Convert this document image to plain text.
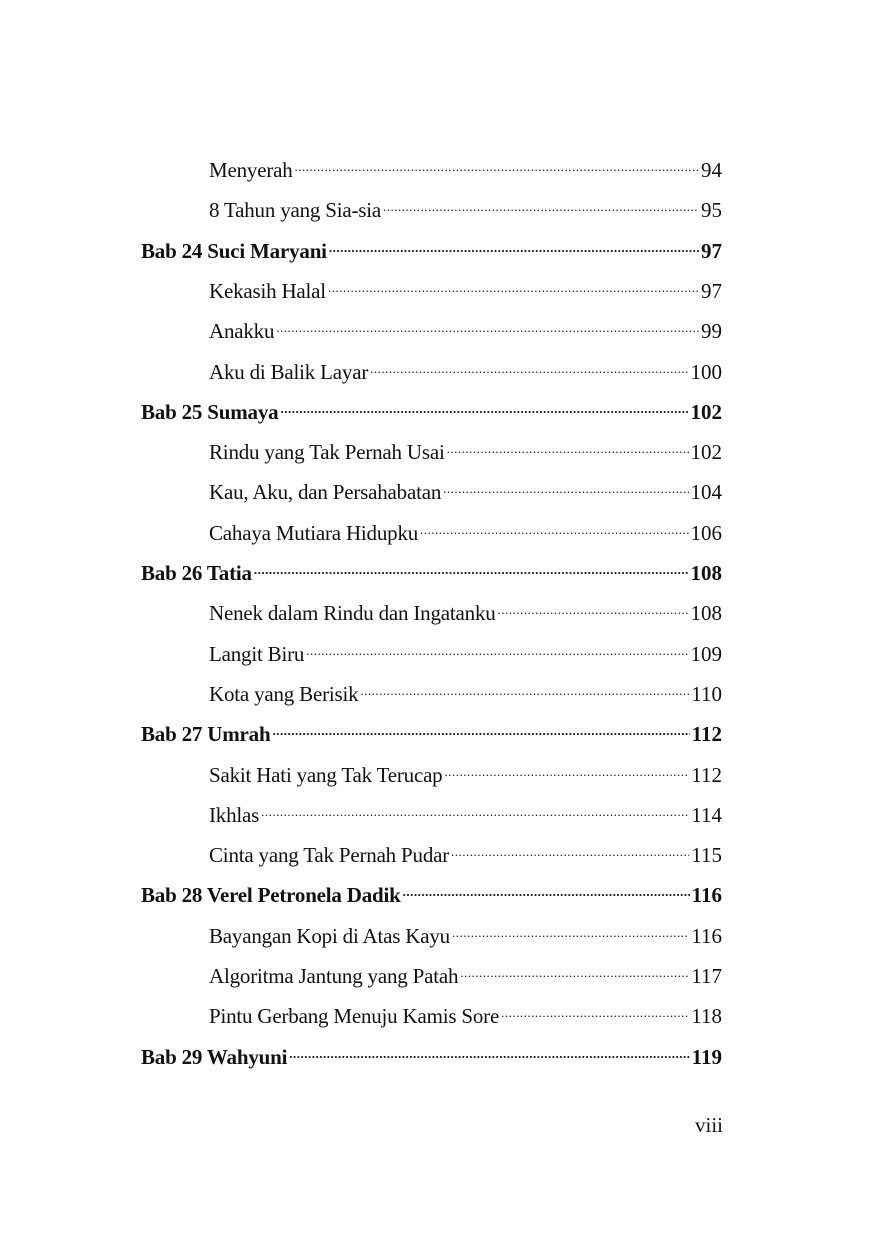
Menyerah .....	94
8 Tahun yang Sia-sia .....	95
Bab 24 Suci Maryani .....	97
Kekasih Halal .....	97
Anakku .....	99
Aku di Balik Layar .....	100
Bab 25 Sumaya .....	102
Rindu yang Tak Pernah Usai .....	102
Kau, Aku, dan Persahabatan .....	104
Cahaya Mutiara Hidupku .....	106
Bab 26 Tatia .....	108
Nenek dalam Rindu dan Ingatanku .....	108
Langit Biru .....	109
Kota yang Berisik .....	110
Bab 27 Umrah .....	112
Sakit Hati yang Tak Terucap .....	112
Ikhlas .....	114
Cinta yang Tak Pernah Pudar .....	115
Bab 28 Verel Petronela Dadik .....	116
Bayangan Kopi di Atas Kayu .....	116
Algoritma Jantung yang Patah .....	117
Pintu Gerbang Menuju Kamis Sore .....	118
Bab 29 Wahyuni .....	119
viii
